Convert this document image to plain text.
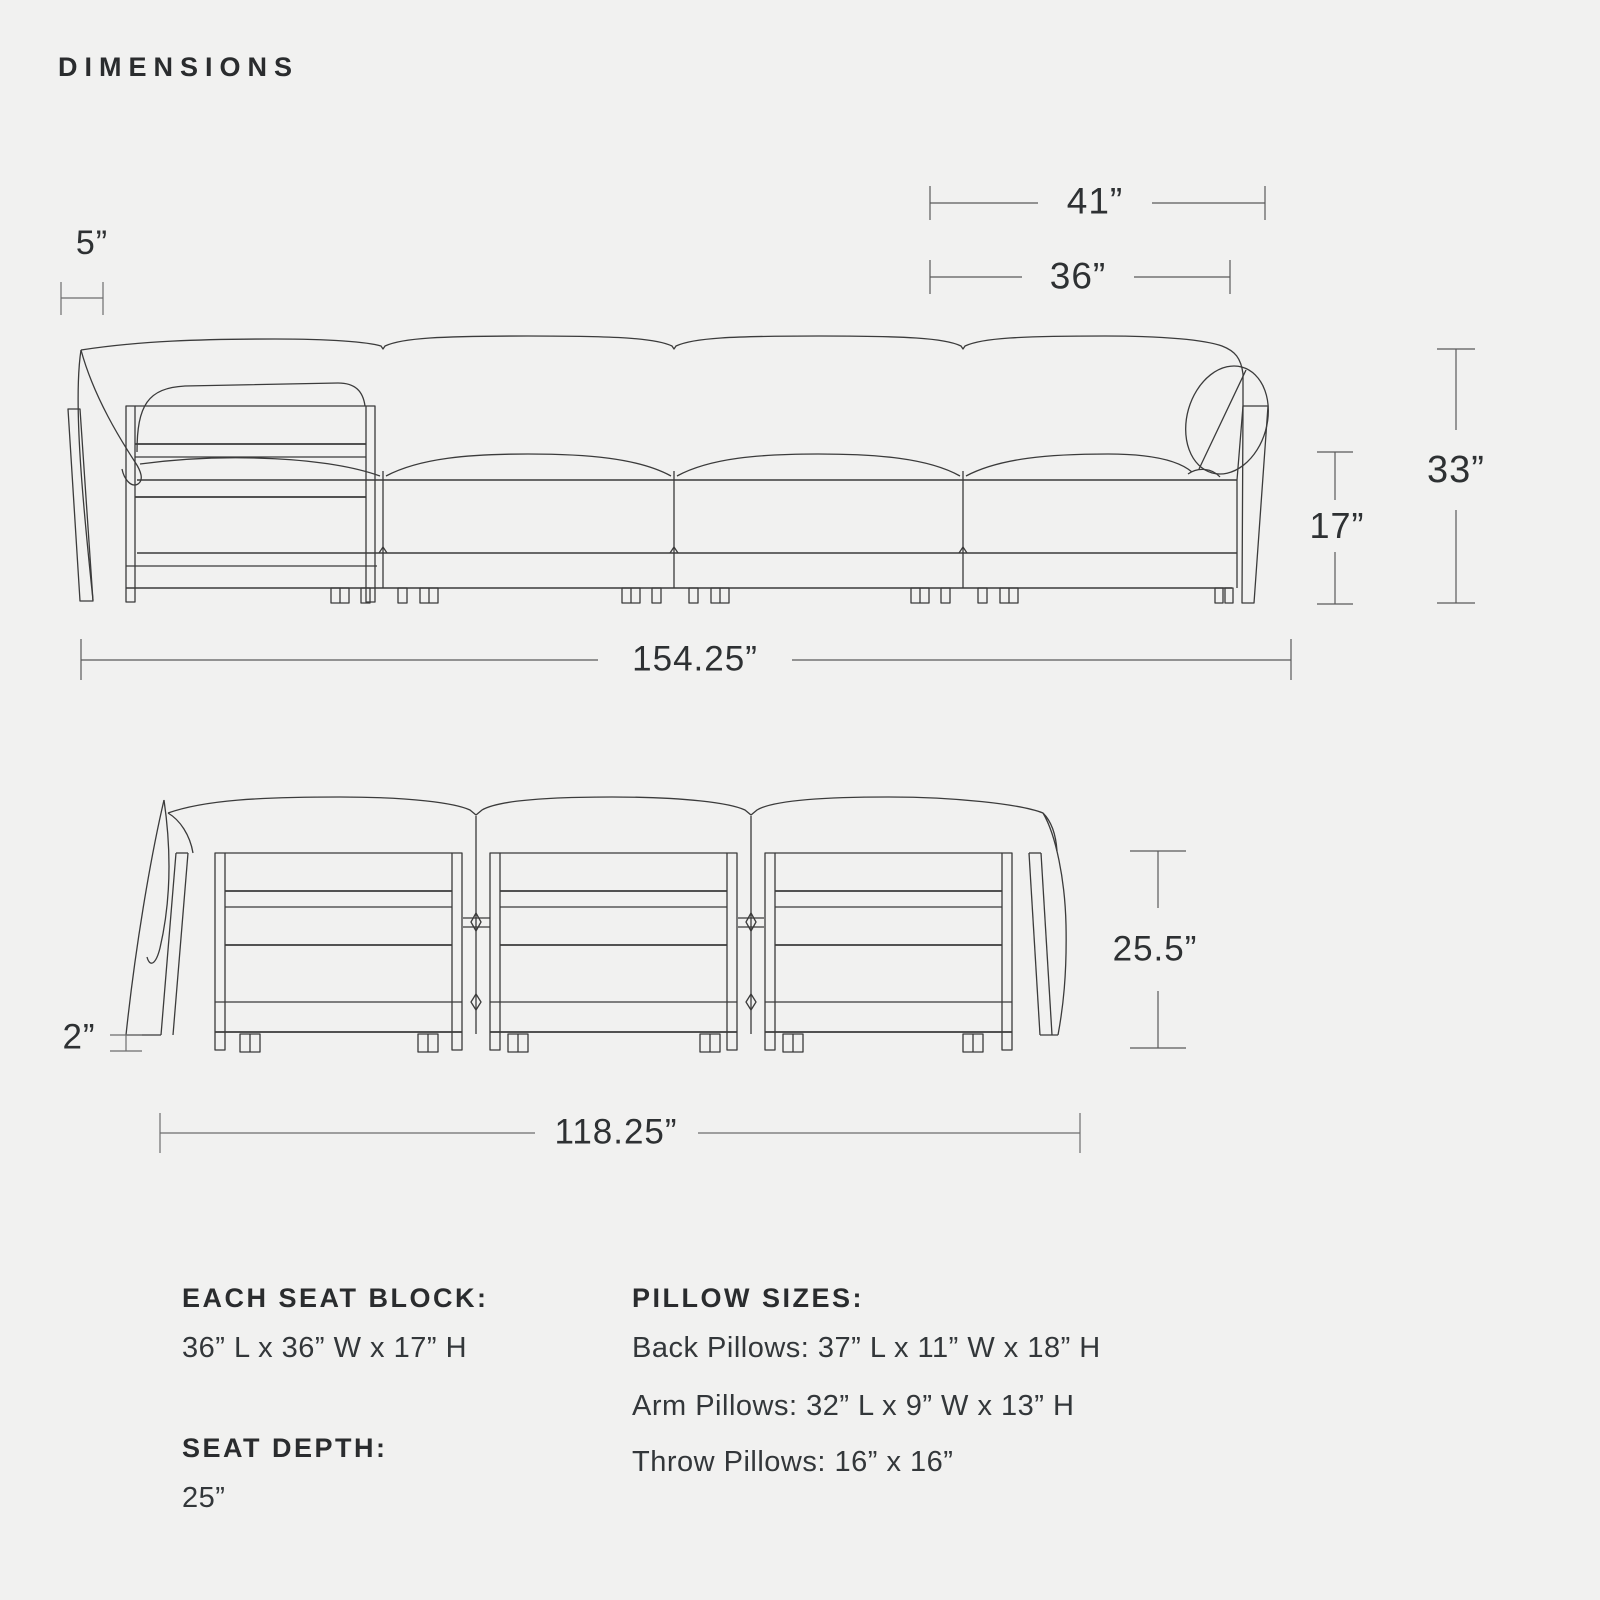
DIMENSIONS
5”
41”
36”
33”
17”
154.25”
25.5”
2”
118.25”
EACH SEAT BLOCK:
36” L x 36” W x 17” H
SEAT DEPTH:
25”
PILLOW SIZES:
Back Pillows: 37” L x 11” W x 18” H
Arm Pillows: 32” L x 9” W x 13” H
Throw Pillows: 16” x 16”
